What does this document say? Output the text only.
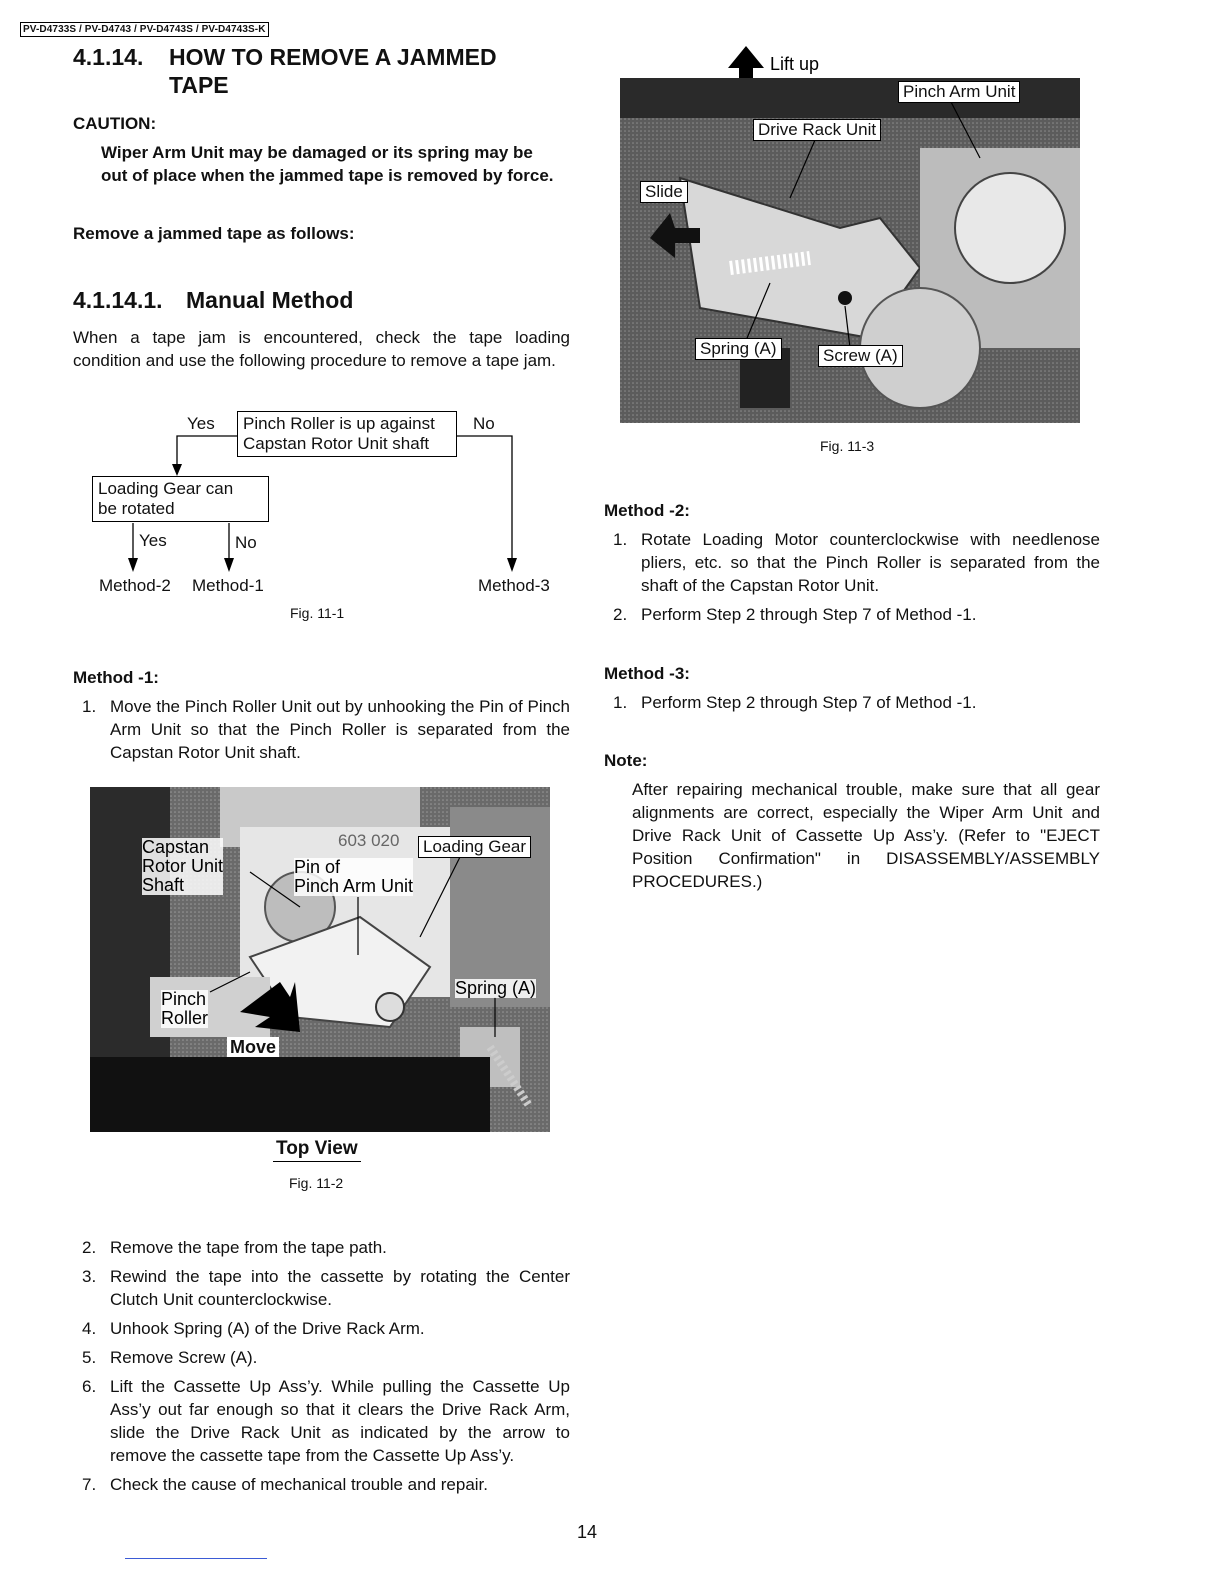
PV-D4733S / PV-D4743 / PV-D4743S / PV-D4743S-K
4.1.14. HOW TO REMOVE A JAMMED
TAPE
CAUTION:
Wiper Arm Unit may be damaged or its spring may be
out of place when the jammed tape is removed by force.
Remove a jammed tape as follows:
4.1.14.1. Manual Method
When a tape jam is encountered, check the tape loading condition and use the following procedure to remove a tape jam.
Yes	No
Pinch Roller is up against
Capstan Rotor Unit shaft
Loading Gear can
be rotated
Yes	No
Method-2 Method-1	Method-3
Fig. 11-1
Method -1:
1. Move the Pinch Roller Unit out by unhooking the Pin of Pinch Arm Unit so that the Pinch Roller is separated from the Capstan Rotor Unit shaft.
Capstan
Rotor Unit
Shaft
Pin of
Pinch Arm Unit
603 020 Loading Gear
Spring (A)
Pinch
Roller
Move
Top View
Fig. 11-2
2. Remove the tape from the tape path.
3. Rewind the tape into the cassette by rotating the Center Clutch Unit counterclockwise.
4. Unhook Spring (A) of the Drive Rack Arm.
5. Remove Screw (A).
6. Lift the Cassette Up Ass’y. While pulling the Cassette Up Ass’y out far enough so that it clears the Drive Rack Arm, slide the Drive Rack Unit as indicated by the arrow to remove the cassette tape from the Cassette Up Ass’y.
7. Check the cause of mechanical trouble and repair.
Lift up
Pinch Arm Unit
Drive Rack Unit
Slide
Spring (A)	Screw (A)
Fig. 11-3
Method -2:
1. Rotate Loading Motor counterclockwise with needlenose pliers, etc. so that the Pinch Roller is separated from the shaft of the Capstan Rotor Unit.
2. Perform Step 2 through Step 7 of Method -1.
Method -3:
1. Perform Step 2 through Step 7 of Method -1.
Note:
After repairing mechanical trouble, make sure that all gear alignments are correct, especially the Wiper Arm Unit and Drive Rack Unit of Cassette Up Ass’y. (Refer to "EJECT Position Confirmation" in DISASSEMBLY/ASSEMBLY PROCEDURES.)
14
